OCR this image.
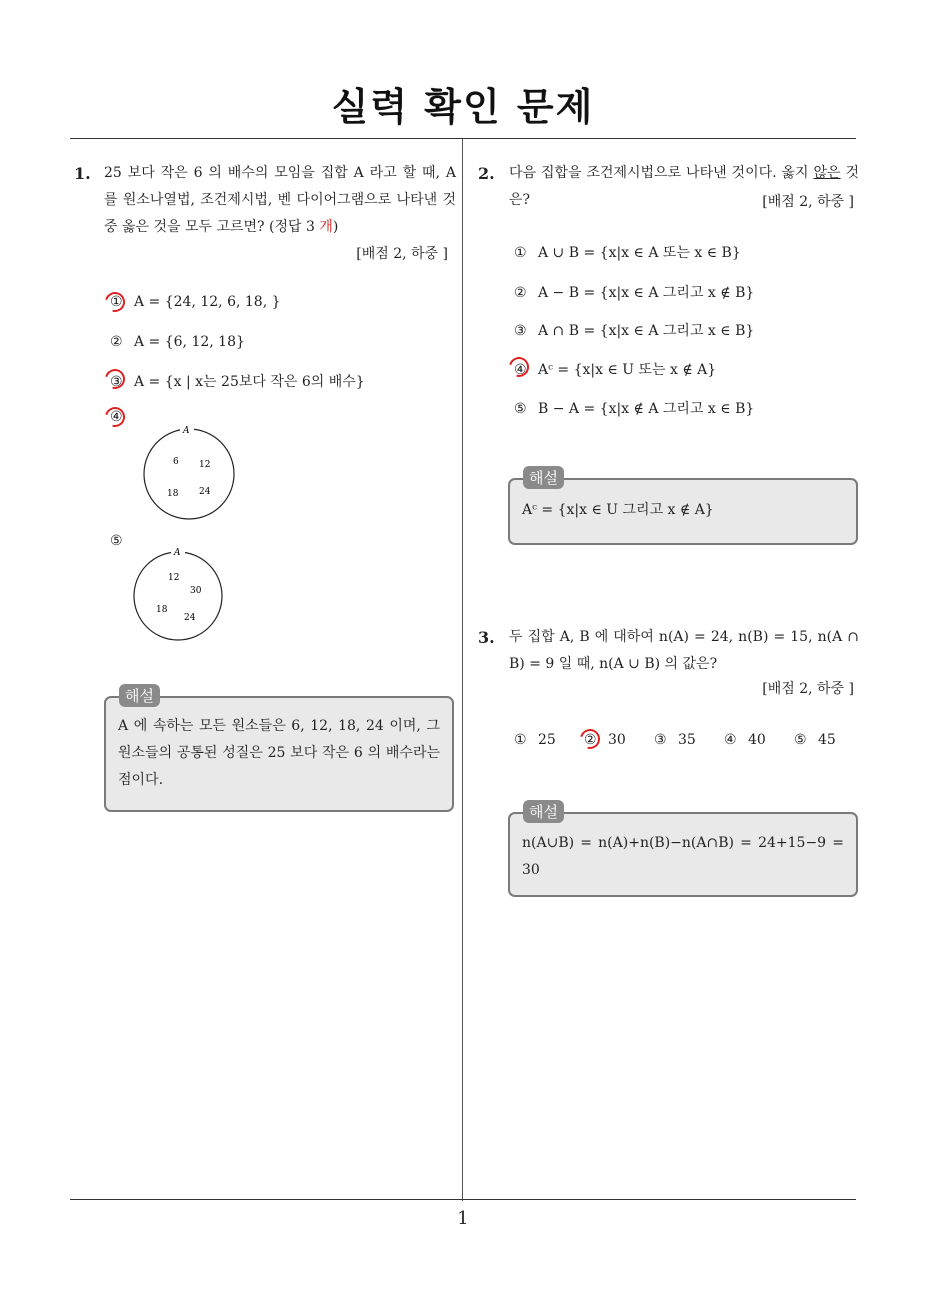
실력 확인 문제
1. 25 보다 작은 6 의 배수의 모임을 집합 A 라고 할 때, A 를 원소나열법, 조건제시법, 벤 다이어그램으로 나타낸 것 중 옳은 것을 모두 고르면? (정답 3 개)
[배점 2, 하중 ]
① A = {24, 12, 6, 18, }
② A = {6, 12, 18}
③ A = {x | x는 25보다 작은 6의 배수}
④
A
6 12
18 24
⑤
A
12
30
18
24
A 에 속하는 모든 원소들은 6, 12, 18, 24 이며, 그 원소들의 공통된 성질은 25 보다 작은 6 의 배수라는 점이다.
해설
2. 다음 집합을 조건제시법으로 나타낸 것이다. 옳지 않은 것은?	[배점 2, 하중 ]
① A ∪ B = {x|x ∈ A 또는 x ∈ B}
② A − B = {x|x ∈ A 그리고 x ∉ B}
③ A ∩ B = {x|x ∈ A 그리고 x ∈ B}
④ Aᶜ = {x|x ∈ U 또는 x ∉ A}
⑤ B − A = {x|x ∉ A 그리고 x ∈ B}
Aᶜ = {x|x ∈ U 그리고 x ∉ A}
해설
3. 두 집합 A, B 에 대하여 n(A) = 24, n(B) = 15, n(A ∩ B) = 9 일 때, n(A ∪ B) 의 값은?
[배점 2, 하중 ]
① 25 ② 30 ③ 35 ④ 40 ⑤ 45
n(A∪B) = n(A)+n(B)−n(A∩B) = 24+15−9 = 30
해설
1
